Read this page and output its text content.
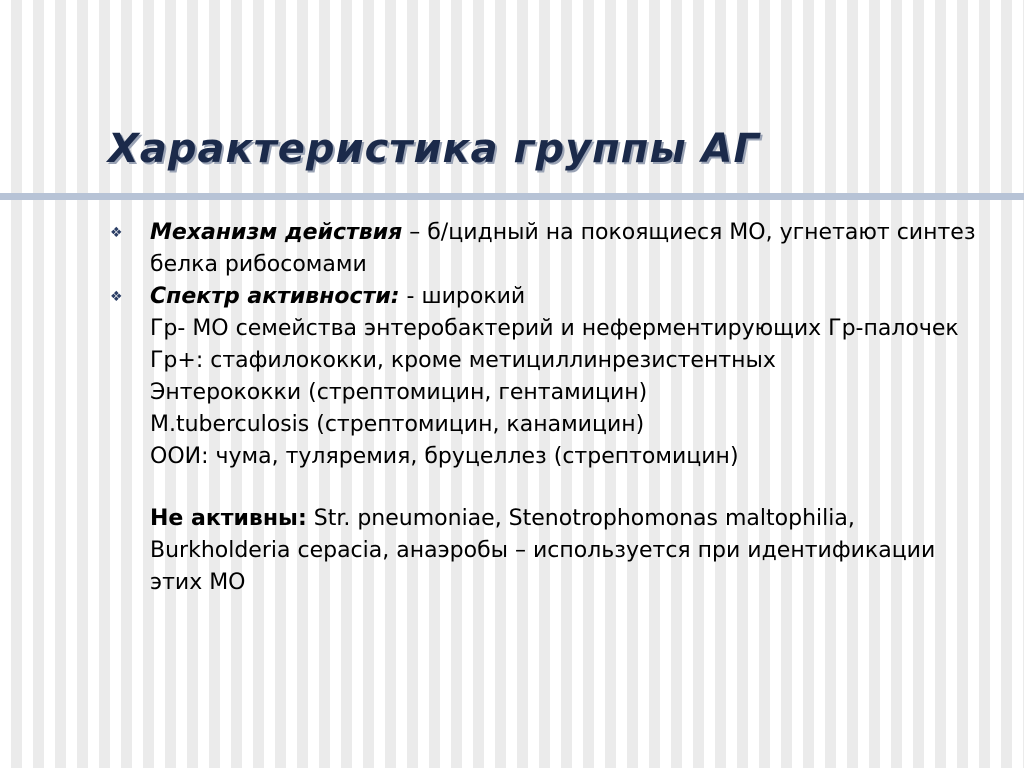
Характеристика группы АГ
❖	Механизм действия – б/цидный на покоящиеся МО, угнетают синтез белка рибосомами
❖	Спектр активности: - широкий
Гр- МО семейства энтеробактерий и неферментирующих Гр-палочек
Гр+: стафилококки, кроме метициллинрезистентных
Энтерококки (стрептомицин, гентамицин)
M.tuberculosis (стрептомицин, канамицин)
ООИ: чума, туляремия, бруцеллез (стрептомицин)
Не активны: Str. pneumoniae, Stenotrophomonas maltophilia, Burkholderia cepacia, анаэробы – используется при идентификации этих МО
